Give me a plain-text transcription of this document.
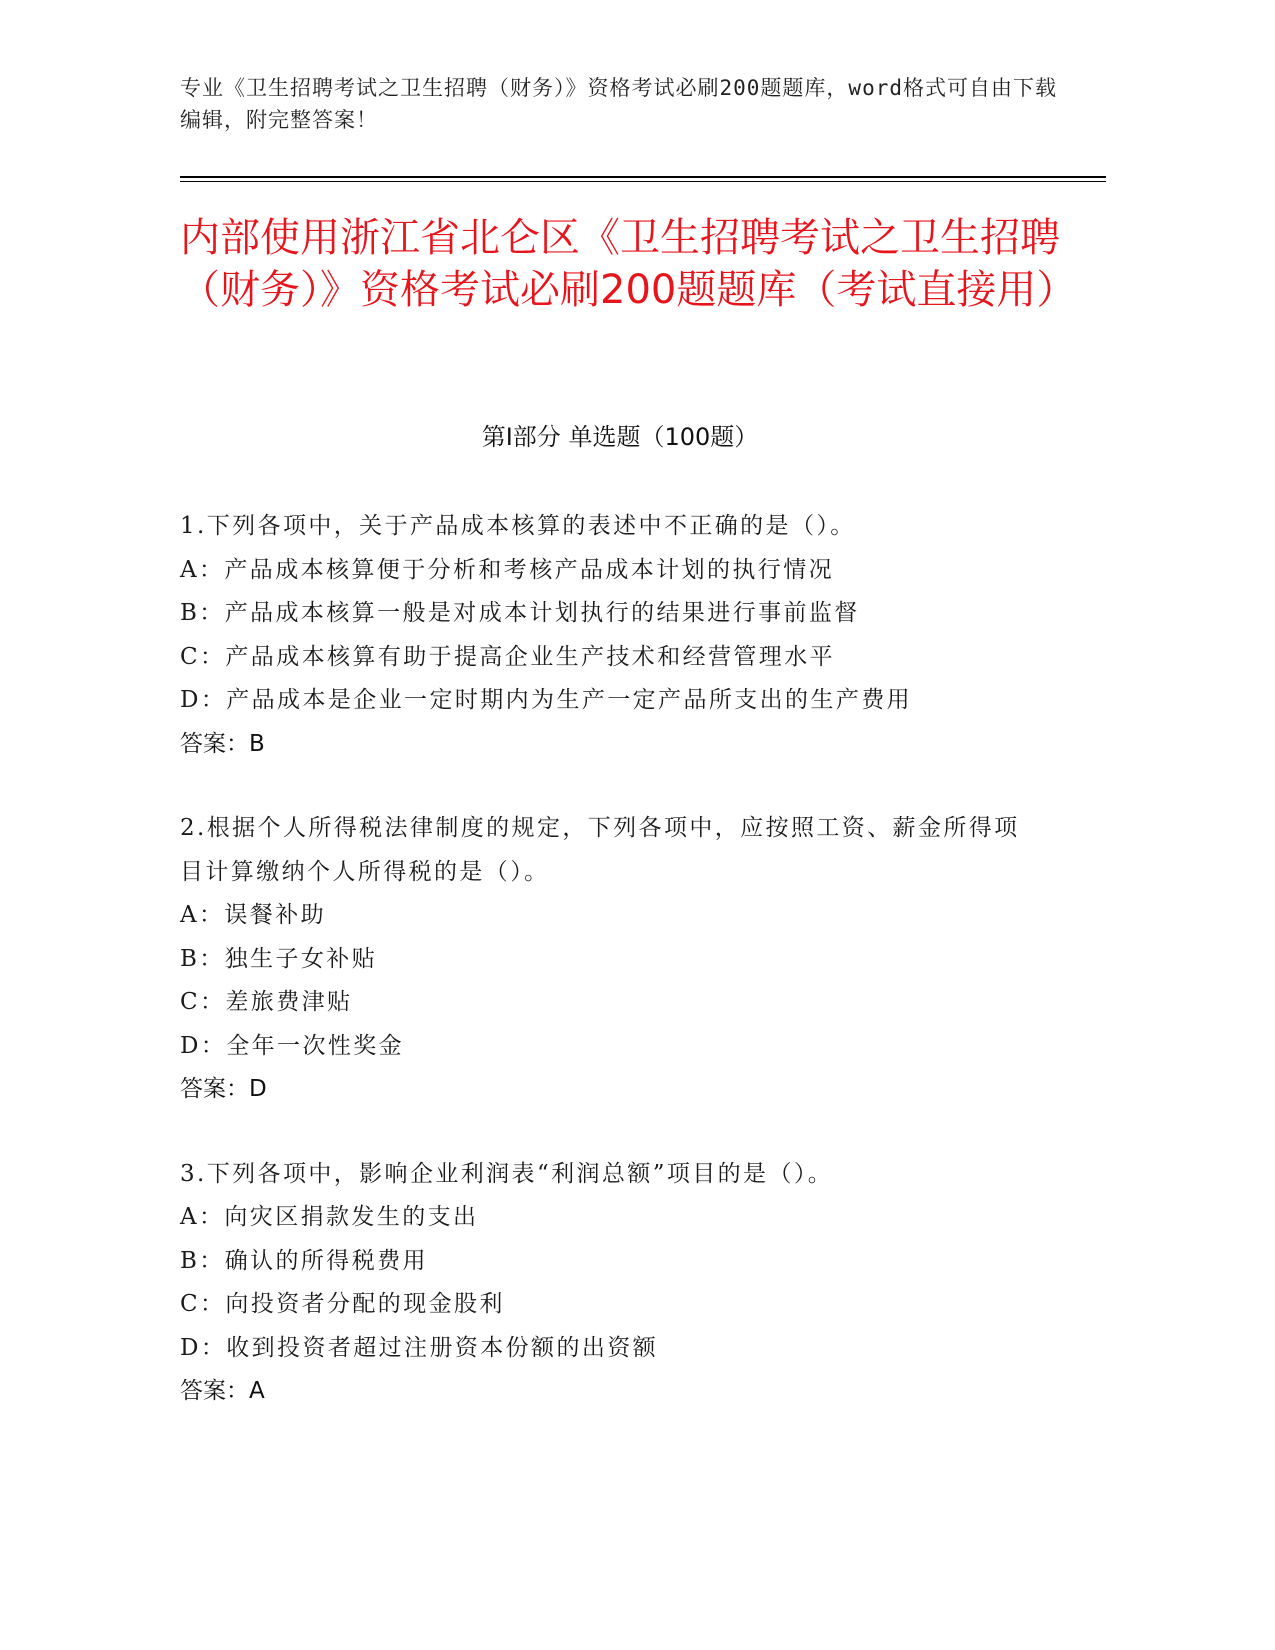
专业《卫生招聘考试之卫生招聘（财务）》资格考试必刷200题题库，word格式可自由下载编辑，附完整答案！
内部使用浙江省北仑区《卫生招聘考试之卫生招聘（财务）》资格考试必刷200题题库（考试直接用）
第I部分 单选题（100题）

1.下列各项中，关于产品成本核算的表述中不正确的是（）。

A：产品成本核算便于分析和考核产品成本计划的执行情况

B：产品成本核算一般是对成本计划执行的结果进行事前监督

C：产品成本核算有助于提高企业生产技术和经营管理水平

D：产品成本是企业一定时期内为生产一定产品所支出的生产费用

答案：B

2.根据个人所得税法律制度的规定，下列各项中，应按照工资、薪金所得项目计算缴纳个人所得税的是（）。

A：误餐补助

B：独生子女补贴

C：差旅费津贴

D：全年一次性奖金

答案：D

3.下列各项中，影响企业利润表“利润总额”项目的是（）。

A：向灾区捐款发生的支出

B：确认的所得税费用

C：向投资者分配的现金股利

D：收到投资者超过注册资本份额的出资额

答案：A
